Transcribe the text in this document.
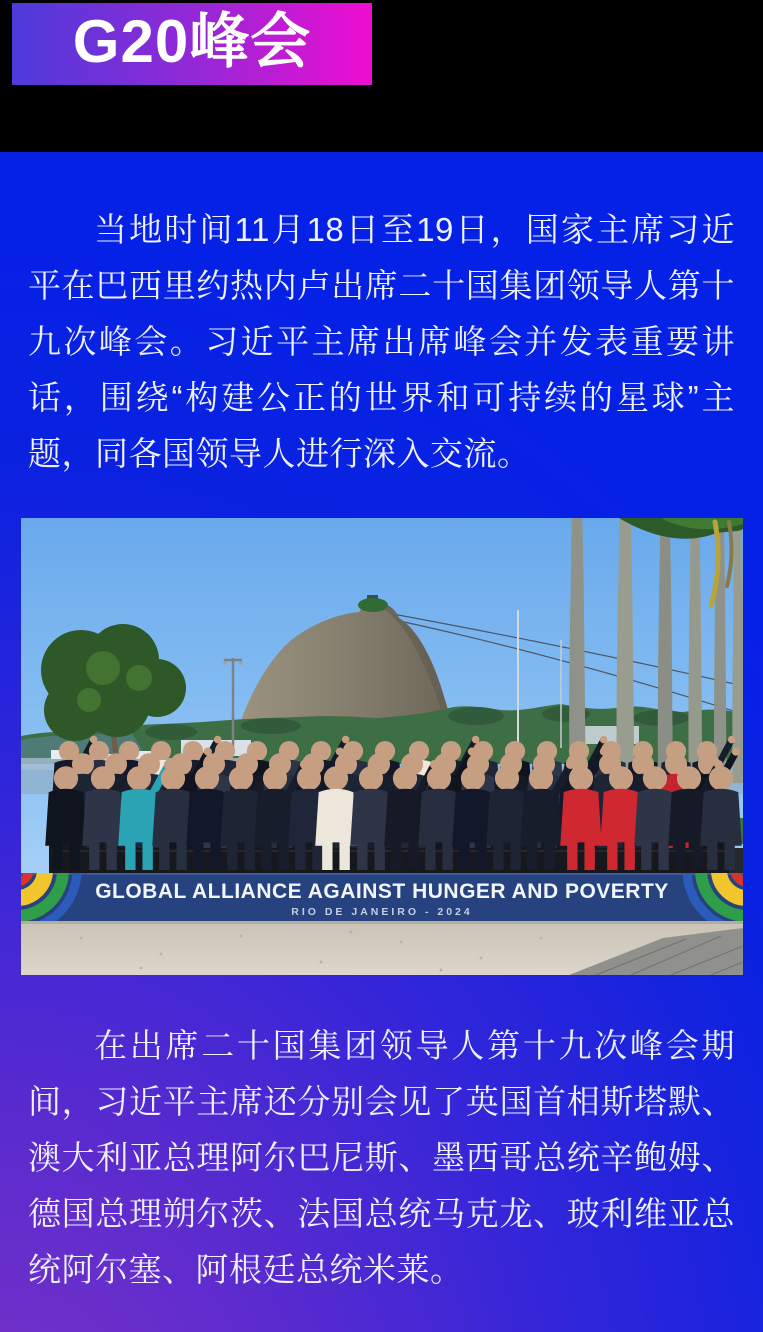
G20峰会

当地时间11月18日至19日，国家主席习近平在巴西里约热内卢出席二十国集团领导人第十九次峰会。习近平主席出席峰会并发表重要讲话，围绕“构建公正的世界和可持续的星球”主题，同各国领导人进行深入交流。

GLOBAL ALLIANCE AGAINST HUNGER AND POVERTY
RIO DE JANEIRO - 2024

在出席二十国集团领导人第十九次峰会期间，习近平主席还分别会见了英国首相斯塔默、澳大利亚总理阿尔巴尼斯、墨西哥总统辛鲍姆、德国总理朔尔茨、法国总统马克龙、玻利维亚总统阿尔塞、阿根廷总统米莱。
